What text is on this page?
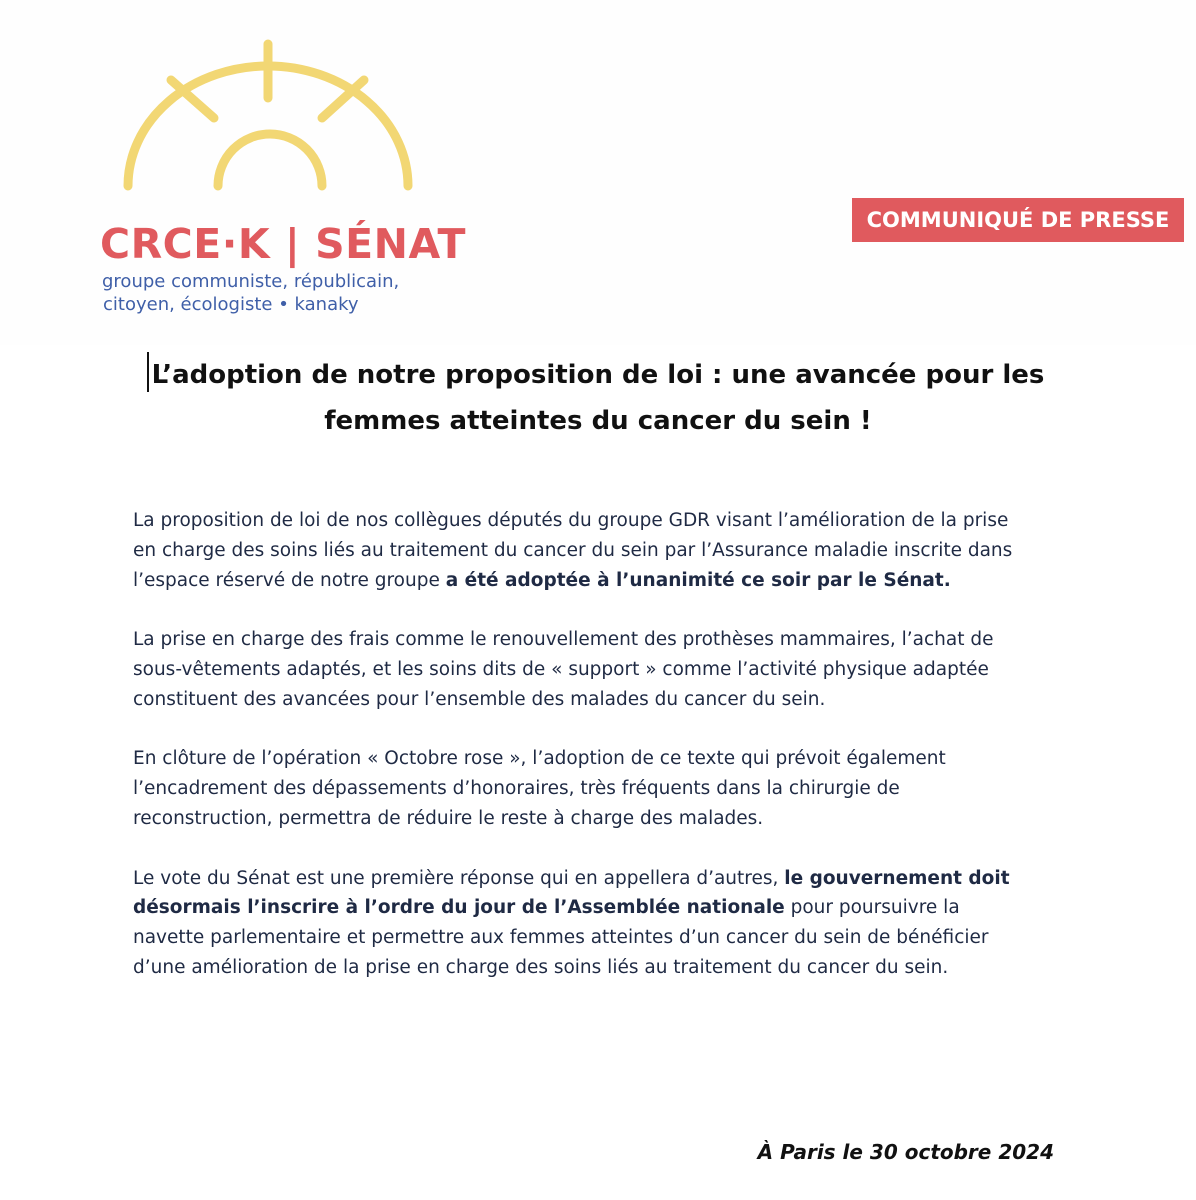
CRCE·K | SÉNAT
groupe communiste, républicain,
citoyen, écologiste • kanaky
COMMUNIQUÉ DE PRESSE
L’adoption de notre proposition de loi : une avancée pour les femmes atteintes du cancer du sein !

La proposition de loi de nos collègues députés du groupe GDR visant l’amélioration de la prise en charge des soins liés au traitement du cancer du sein par l’Assurance maladie inscrite dans l’espace réservé de notre groupe a été adoptée à l’unanimité ce soir par le Sénat.

La prise en charge des frais comme le renouvellement des prothèses mammaires, l’achat de sous-vêtements adaptés, et les soins dits de « support » comme l’activité physique adaptée constituent des avancées pour l’ensemble des malades du cancer du sein.

En clôture de l’opération « Octobre rose », l’adoption de ce texte qui prévoit également l’encadrement des dépassements d’honoraires, très fréquents dans la chirurgie de reconstruction, permettra de réduire le reste à charge des malades.

Le vote du Sénat est une première réponse qui en appellera d’autres, le gouvernement doit désormais l’inscrire à l’ordre du jour de l’Assemblée nationale pour poursuivre la navette parlementaire et permettre aux femmes atteintes d’un cancer du sein de bénéficier d’une amélioration de la prise en charge des soins liés au traitement du cancer du sein.

À Paris le 30 octobre 2024
